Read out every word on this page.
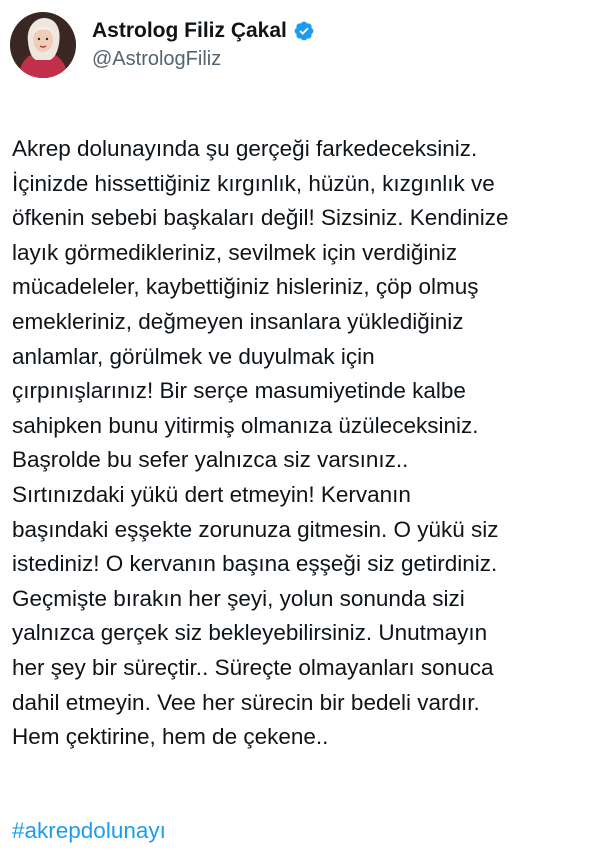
Astrolog Filiz Çakal
@AstrologFiliz
Akrep dolunayında şu gerçeği farkedeceksiniz.
İçinizde hissettiğiniz kırgınlık, hüzün, kızgınlık ve
öfkenin sebebi başkaları değil! Sizsiniz. Kendinize
layık görmedikleriniz, sevilmek için verdiğiniz
mücadeleler, kaybettiğiniz hisleriniz, çöp olmuş
emekleriniz, değmeyen insanlara yüklediğiniz
anlamlar, görülmek ve duyulmak için
çırpınışlarınız! Bir serçe masumiyetinde kalbe
sahipken bunu yitirmiş olmanıza üzüleceksiniz.
Başrolde bu sefer yalnızca siz varsınız..
Sırtınızdaki yükü dert etmeyin! Kervanın
başındaki eşşekte zorunuza gitmesin. O yükü siz
istediniz! O kervanın başına eşşeği siz getirdiniz.
Geçmişte bırakın her şeyi, yolun sonunda sizi
yalnızca gerçek siz bekleyebilirsiniz. Unutmayın
her şey bir süreçtir.. Süreçte olmayanları sonuca
dahil etmeyin. Vee her sürecin bir bedeli vardır.
Hem çektirine, hem de çekene..
#akrepdolunayı
